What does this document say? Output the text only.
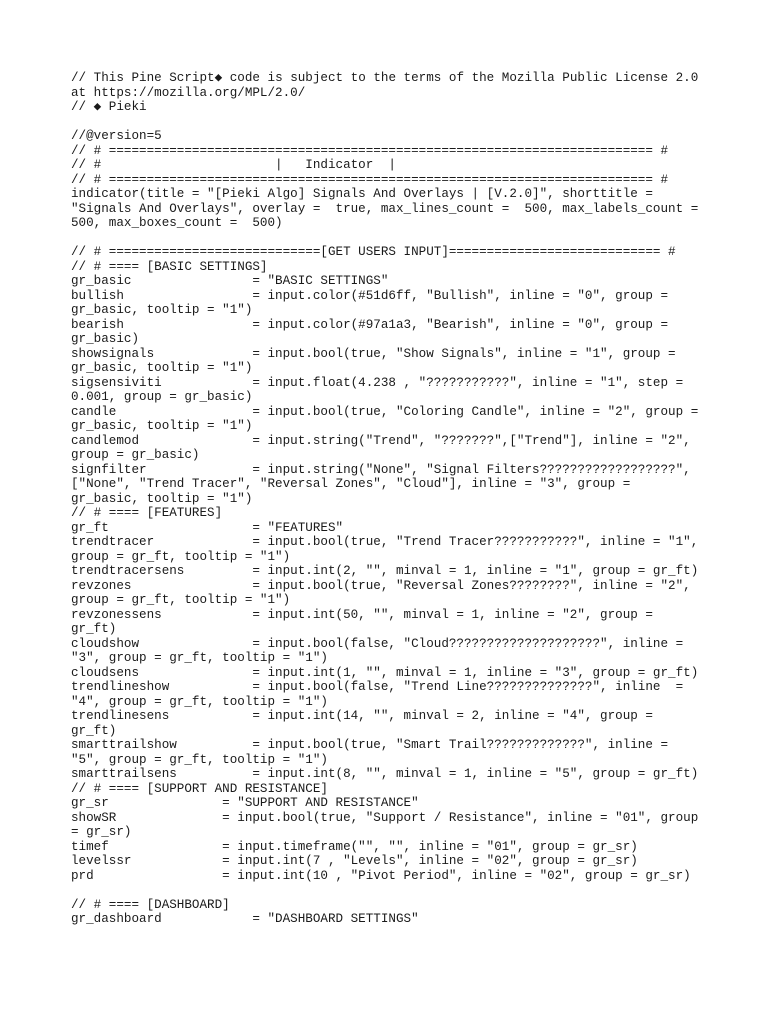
// This Pine Script◆ code is subject to the terms of the Mozilla Public License 2.0
at https://mozilla.org/MPL/2.0/
// ◆ Pieki
//@version=5
// # ======================================================================== #
// #                       |   Indicator  |
// # ======================================================================== #
indicator(title = "[Pieki Algo] Signals And Overlays | [V.2.0]", shorttitle =
"Signals And Overlays", overlay =  true, max_lines_count =  500, max_labels_count =
500, max_boxes_count =  500)
// # ============================[GET USERS INPUT]============================ #
// # ==== [BASIC SETTINGS]
gr_basic                = "BASIC SETTINGS"
bullish                 = input.color(#51d6ff, "Bullish", inline = "0", group =
gr_basic, tooltip = "1")
bearish                 = input.color(#97a1a3, "Bearish", inline = "0", group =
gr_basic)
showsignals             = input.bool(true, "Show Signals", inline = "1", group =
gr_basic, tooltip = "1")
sigsensiviti            = input.float(4.238 , "???????????", inline = "1", step =
0.001, group = gr_basic)
candle                  = input.bool(true, "Coloring Candle", inline = "2", group =
gr_basic, tooltip = "1")
candlemod               = input.string("Trend", "???????",["Trend"], inline = "2",
group = gr_basic)
signfilter              = input.string("None", "Signal Filters??????????????????",
["None", "Trend Tracer", "Reversal Zones", "Cloud"], inline = "3", group =
gr_basic, tooltip = "1")
// # ==== [FEATURES]
gr_ft                   = "FEATURES"
trendtracer             = input.bool(true, "Trend Tracer???????????", inline = "1",
group = gr_ft, tooltip = "1")
trendtracersens         = input.int(2, "", minval = 1, inline = "1", group = gr_ft)
revzones                = input.bool(true, "Reversal Zones????????", inline = "2",
group = gr_ft, tooltip = "1")
revzonessens            = input.int(50, "", minval = 1, inline = "2", group =
gr_ft)
cloudshow               = input.bool(false, "Cloud????????????????????", inline =
"3", group = gr_ft, tooltip = "1")
cloudsens               = input.int(1, "", minval = 1, inline = "3", group = gr_ft)
trendlineshow           = input.bool(false, "Trend Line??????????????", inline  =
"4", group = gr_ft, tooltip = "1")
trendlinesens           = input.int(14, "", minval = 2, inline = "4", group =
gr_ft)
smarttrailshow          = input.bool(true, "Smart Trail?????????????", inline =
"5", group = gr_ft, tooltip = "1")
smarttrailsens          = input.int(8, "", minval = 1, inline = "5", group = gr_ft)
// # ==== [SUPPORT AND RESISTANCE]
gr_sr               = "SUPPORT AND RESISTANCE"
showSR              = input.bool(true, "Support / Resistance", inline = "01", group
= gr_sr)
timef               = input.timeframe("", "", inline = "01", group = gr_sr)
levelssr            = input.int(7 , "Levels", inline = "02", group = gr_sr)
prd                 = input.int(10 , "Pivot Period", inline = "02", group = gr_sr)
// # ==== [DASHBOARD]
gr_dashboard            = "DASHBOARD SETTINGS"
